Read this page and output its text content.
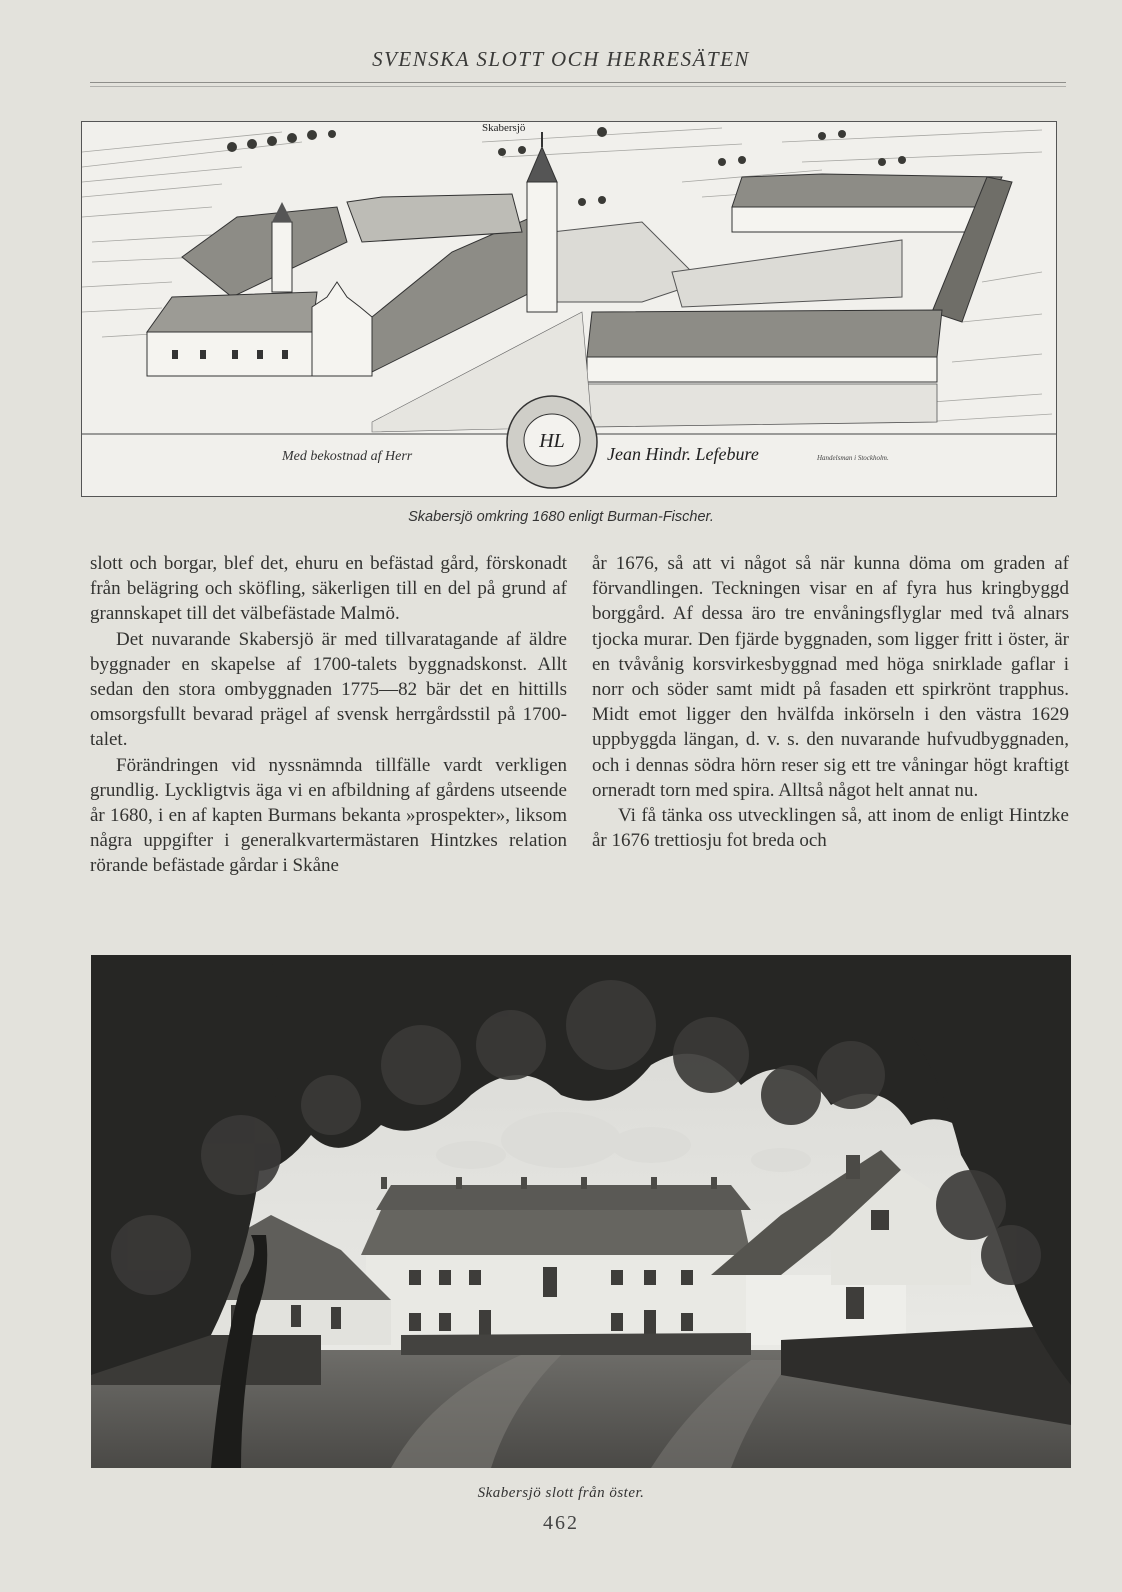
SVENSKA SLOTT OCH HERRESÄTEN
Skabersjö
HL
Med bekostnad af Herr	Jean Hindr. Lefebure	Handelsman i Stockholm.
Skabersjö omkring 1680 enligt Burman-Fischer.

slott och borgar, blef det, ehuru en befästad gård, förskonadt från belägring och sköfling, säkerligen till en del på grund af grannskapet till det välbefästade Malmö.

Det nuvarande Skabersjö är med tillvaratagande af äldre byggnader en skapelse af 1700-talets byggnadskonst. Allt sedan den stora ombyggnaden 1775—82 bär det en hittills omsorgsfullt bevarad prägel af svensk herrgårdsstil på 1700-talet.

Förändringen vid nyssnämnda tillfälle vardt verkligen grundlig. Lyckligtvis äga vi en afbildning af gårdens utseende år 1680, i en af kapten Burmans bekanta »prospekter», liksom några uppgifter i generalkvartermästaren Hintzkes relation rörande befästade gårdar i Skåne

år 1676, så att vi något så när kunna döma om graden af förvandlingen. Teckningen visar en af fyra hus kringbyggd borggård. Af dessa äro tre envåningsflyglar med två alnars tjocka murar. Den fjärde byggnaden, som ligger fritt i öster, är en tvåvånig korsvirkesbyggnad med höga snirklade gaflar i norr och söder samt midt på fasaden ett spirkrönt trapphus. Midt emot ligger den hvälfda inkörseln i den västra 1629 uppbyggda längan, d. v. s. den nuvarande hufvudbyggnaden, och i dennas södra hörn reser sig ett tre våningar högt kraftigt orneradt torn med spira. Alltså något helt annat nu.

Vi få tänka oss utvecklingen så, att inom de enligt Hintzke år 1676 trettiosju fot breda och

Skabersjö slott från öster.
462
